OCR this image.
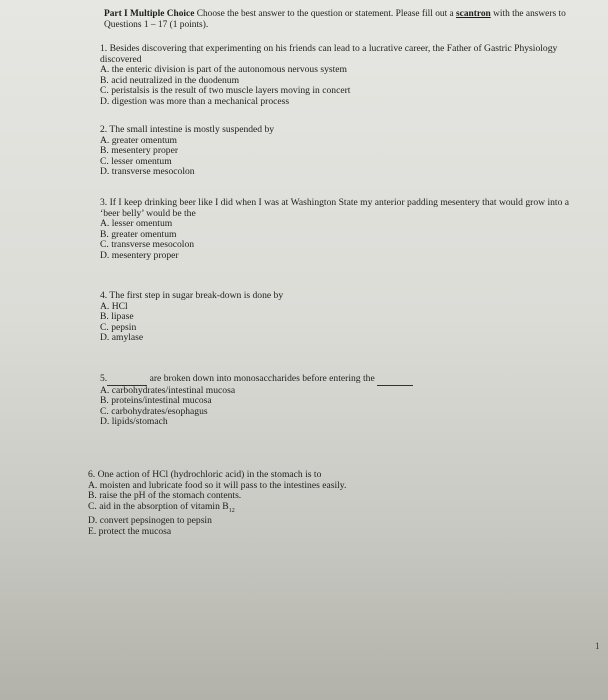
Part I Multiple Choice Choose the best answer to the question or statement. Please fill out a scantron with the answers to Questions 1 – 17 (1 points).

1. Besides discovering that experimenting on his friends can lead to a lucrative career, the Father of Gastric Physiology discovered

A. the enteric division is part of the autonomous nervous system

B. acid neutralized in the duodenum

C. peristalsis is the result of two muscle layers moving in concert

D. digestion was more than a mechanical process

2. The small intestine is mostly suspended by

A. greater omentum

B. mesentery proper

C. lesser omentum

D. transverse mesocolon

3. If I keep drinking beer like I did when I was at Washington State my anterior padding mesentery that would grow into a ‘beer belly’ would be the

A. lesser omentum

B. greater omentum

C. transverse mesocolon

D. mesentery proper

4. The first step in sugar break-down is done by

A. HCl

B. lipase

C. pepsin

D. amylase

5.	are broken down into monosaccharides before entering the

A. carbohydrates/intestinal mucosa

B. proteins/intestinal mucosa

C. carbohydrates/esophagus

D. lipids/stomach

6. One action of HCl (hydrochloric acid) in the stomach is to

A. moisten and lubricate food so it will pass to the intestines easily.

B. raise the pH of the stomach contents.

C. aid in the absorption of vitamin $B_{12}$

D. convert pepsinogen to pepsin

E. protect the mucosa

1
